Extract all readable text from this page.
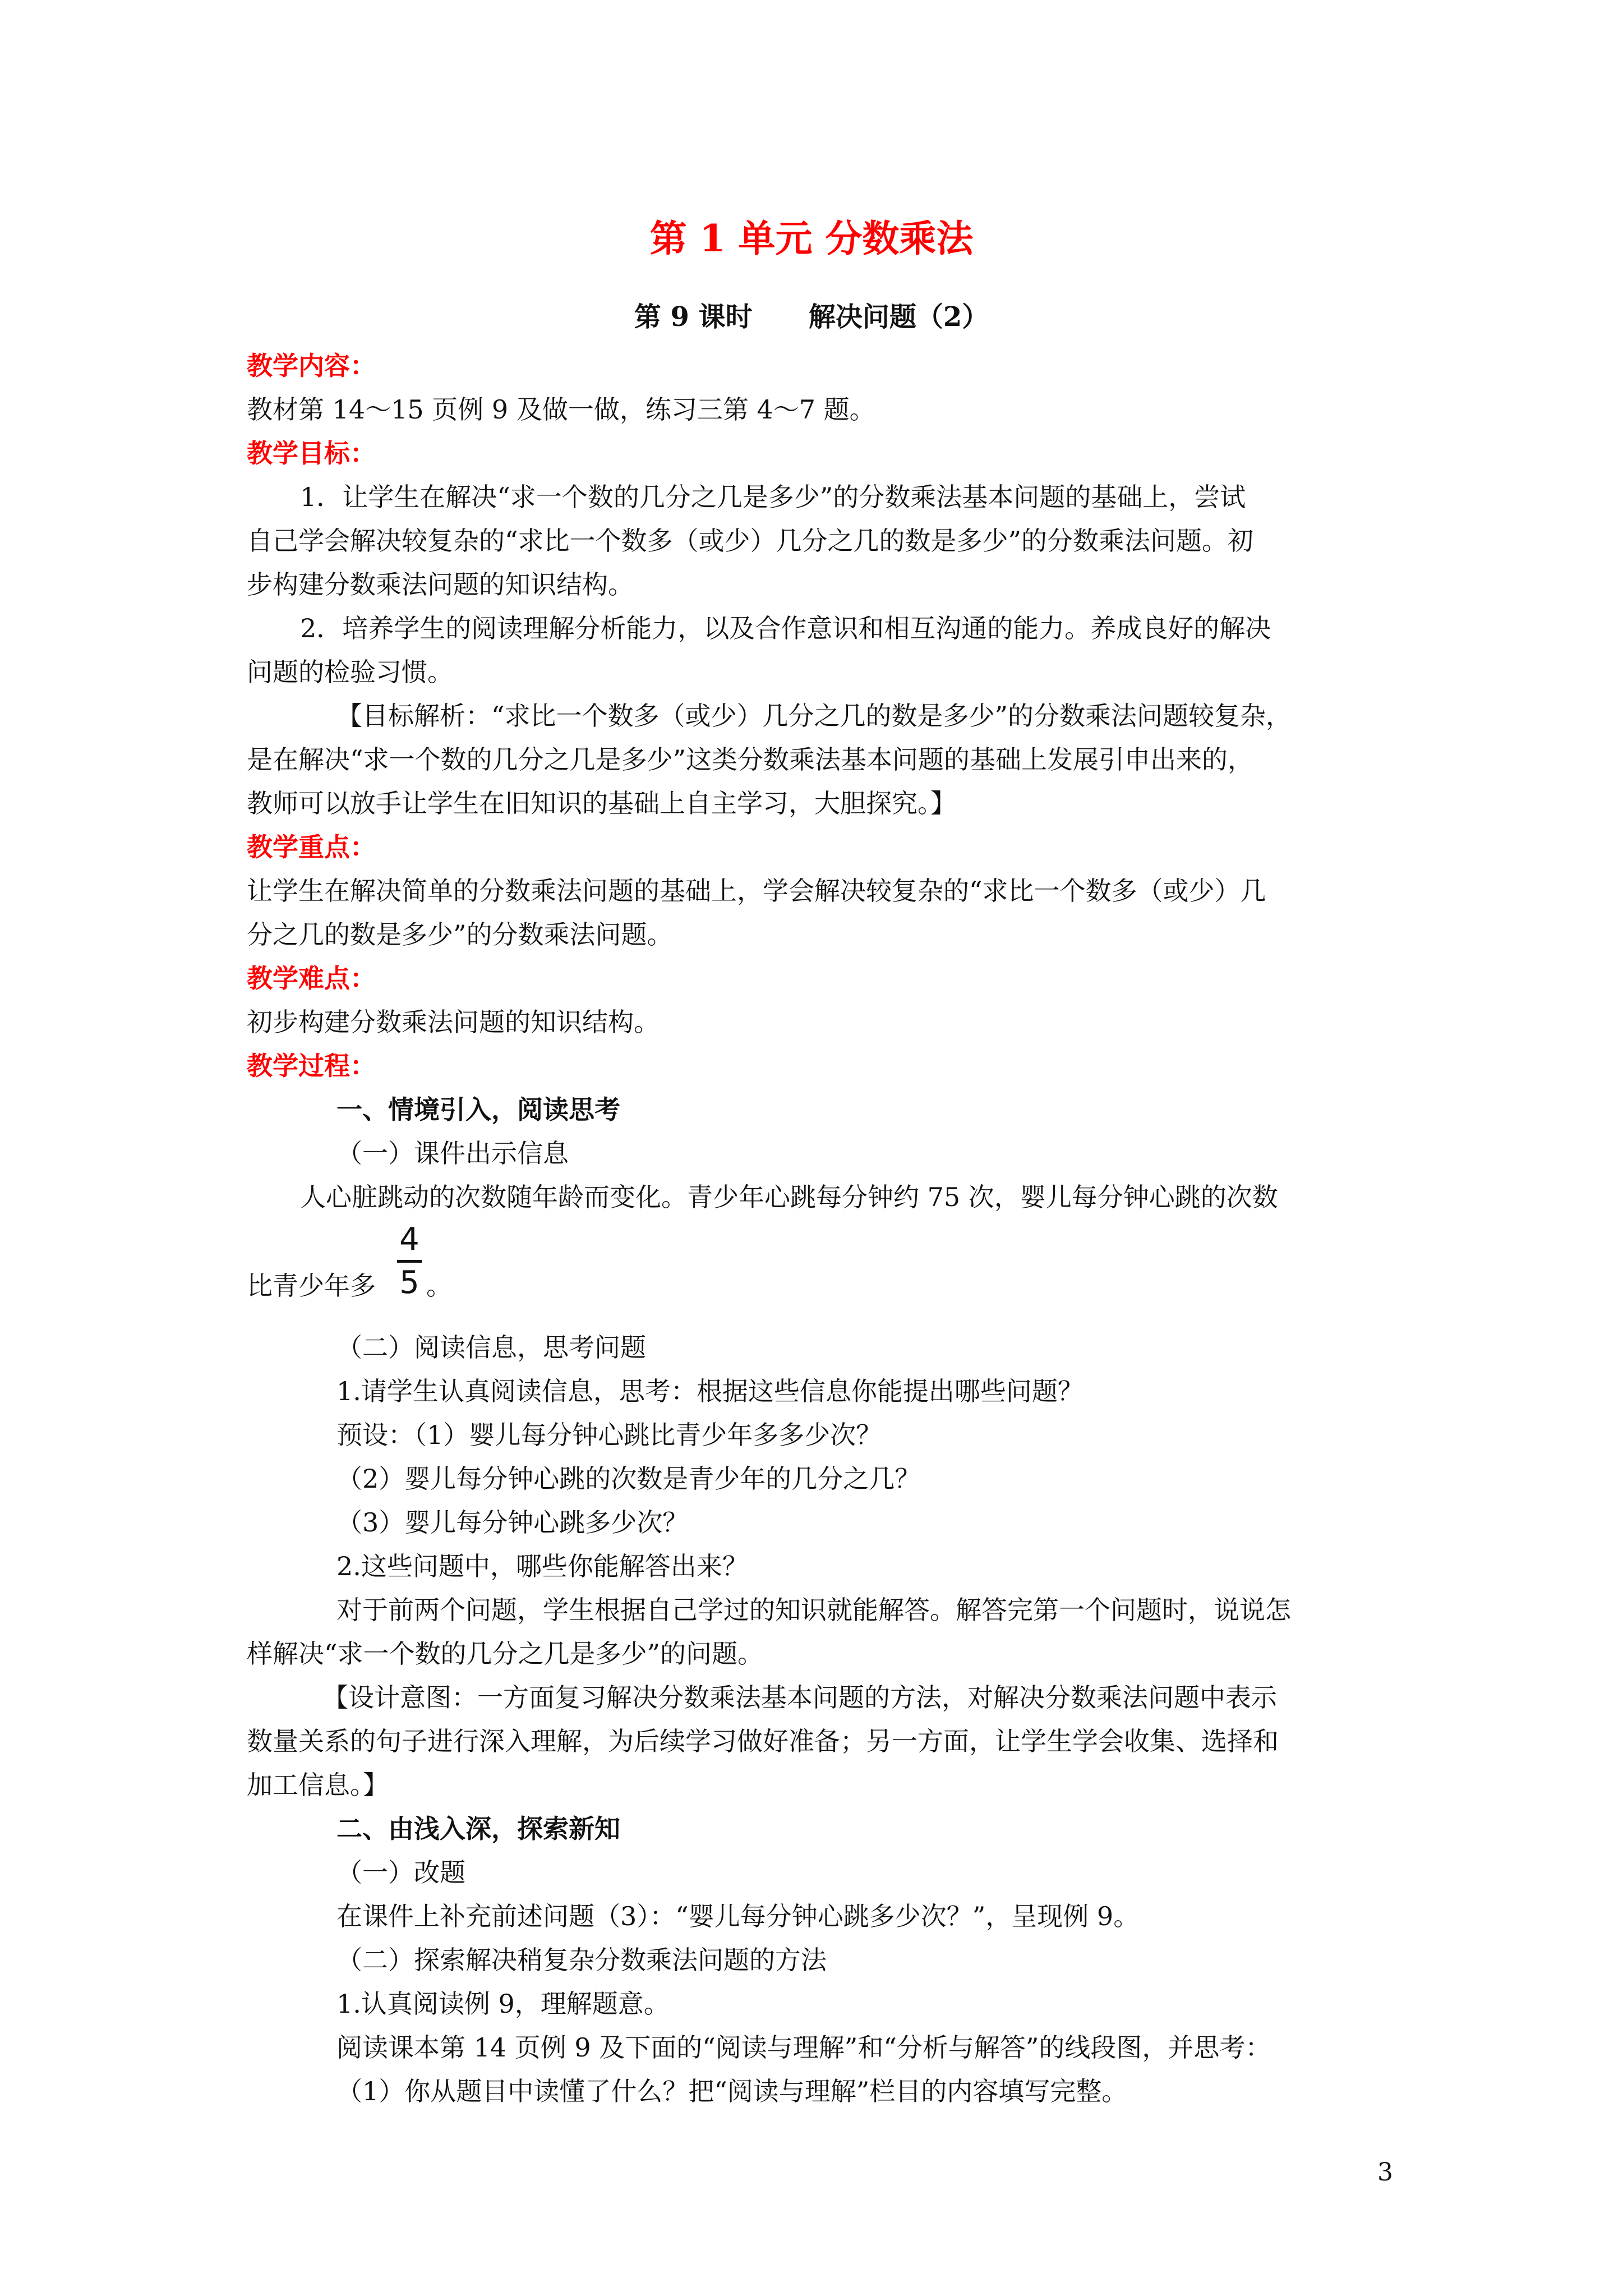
第 1 单元 分数乘法
第 9 课时      解决问题（2）

教学内容：

教材第 14～15 页例 9 及做一做，练习三第 4～7 题。

教学目标：

1．让学生在解决“求一个数的几分之几是多少”的分数乘法基本问题的基础上，尝试

自己学会解决较复杂的“求比一个数多（或少）几分之几的数是多少”的分数乘法问题。初

步构建分数乘法问题的知识结构。

2．培养学生的阅读理解分析能力，以及合作意识和相互沟通的能力。养成良好的解决

问题的检验习惯。

【目标解析：“求比一个数多（或少）几分之几的数是多少”的分数乘法问题较复杂，

是在解决“求一个数的几分之几是多少”这类分数乘法基本问题的基础上发展引申出来的，

教师可以放手让学生在旧知识的基础上自主学习，大胆探究。】

教学重点：

让学生在解决简单的分数乘法问题的基础上，学会解决较复杂的“求比一个数多（或少）几

分之几的数是多少”的分数乘法问题。

教学难点：

初步构建分数乘法问题的知识结构。

教学过程：

一、情境引入，阅读思考

（一）课件出示信息

人心脏跳动的次数随年龄而变化。青少年心跳每分钟约 75 次，婴儿每分钟心跳的次数

比青少年多

4
5 。

（二）阅读信息，思考问题

1.请学生认真阅读信息，思考：根据这些信息你能提出哪些问题？

预设：（1）婴儿每分钟心跳比青少年多多少次？

（2）婴儿每分钟心跳的次数是青少年的几分之几？

（3）婴儿每分钟心跳多少次？

2.这些问题中，哪些你能解答出来？

对于前两个问题，学生根据自己学过的知识就能解答。解答完第一个问题时，说说怎

样解决“求一个数的几分之几是多少”的问题。

【设计意图：一方面复习解决分数乘法基本问题的方法，对解决分数乘法问题中表示

数量关系的句子进行深入理解，为后续学习做好准备；另一方面，让学生学会收集、选择和

加工信息。】

二、由浅入深，探索新知

（一）改题

在课件上补充前述问题（3）：“婴儿每分钟心跳多少次？”，呈现例 9。

（二）探索解决稍复杂分数乘法问题的方法

1.认真阅读例 9，理解题意。

阅读课本第 14 页例 9 及下面的“阅读与理解”和“分析与解答”的线段图，并思考：

（1）你从题目中读懂了什么？把“阅读与理解”栏目的内容填写完整。

3
